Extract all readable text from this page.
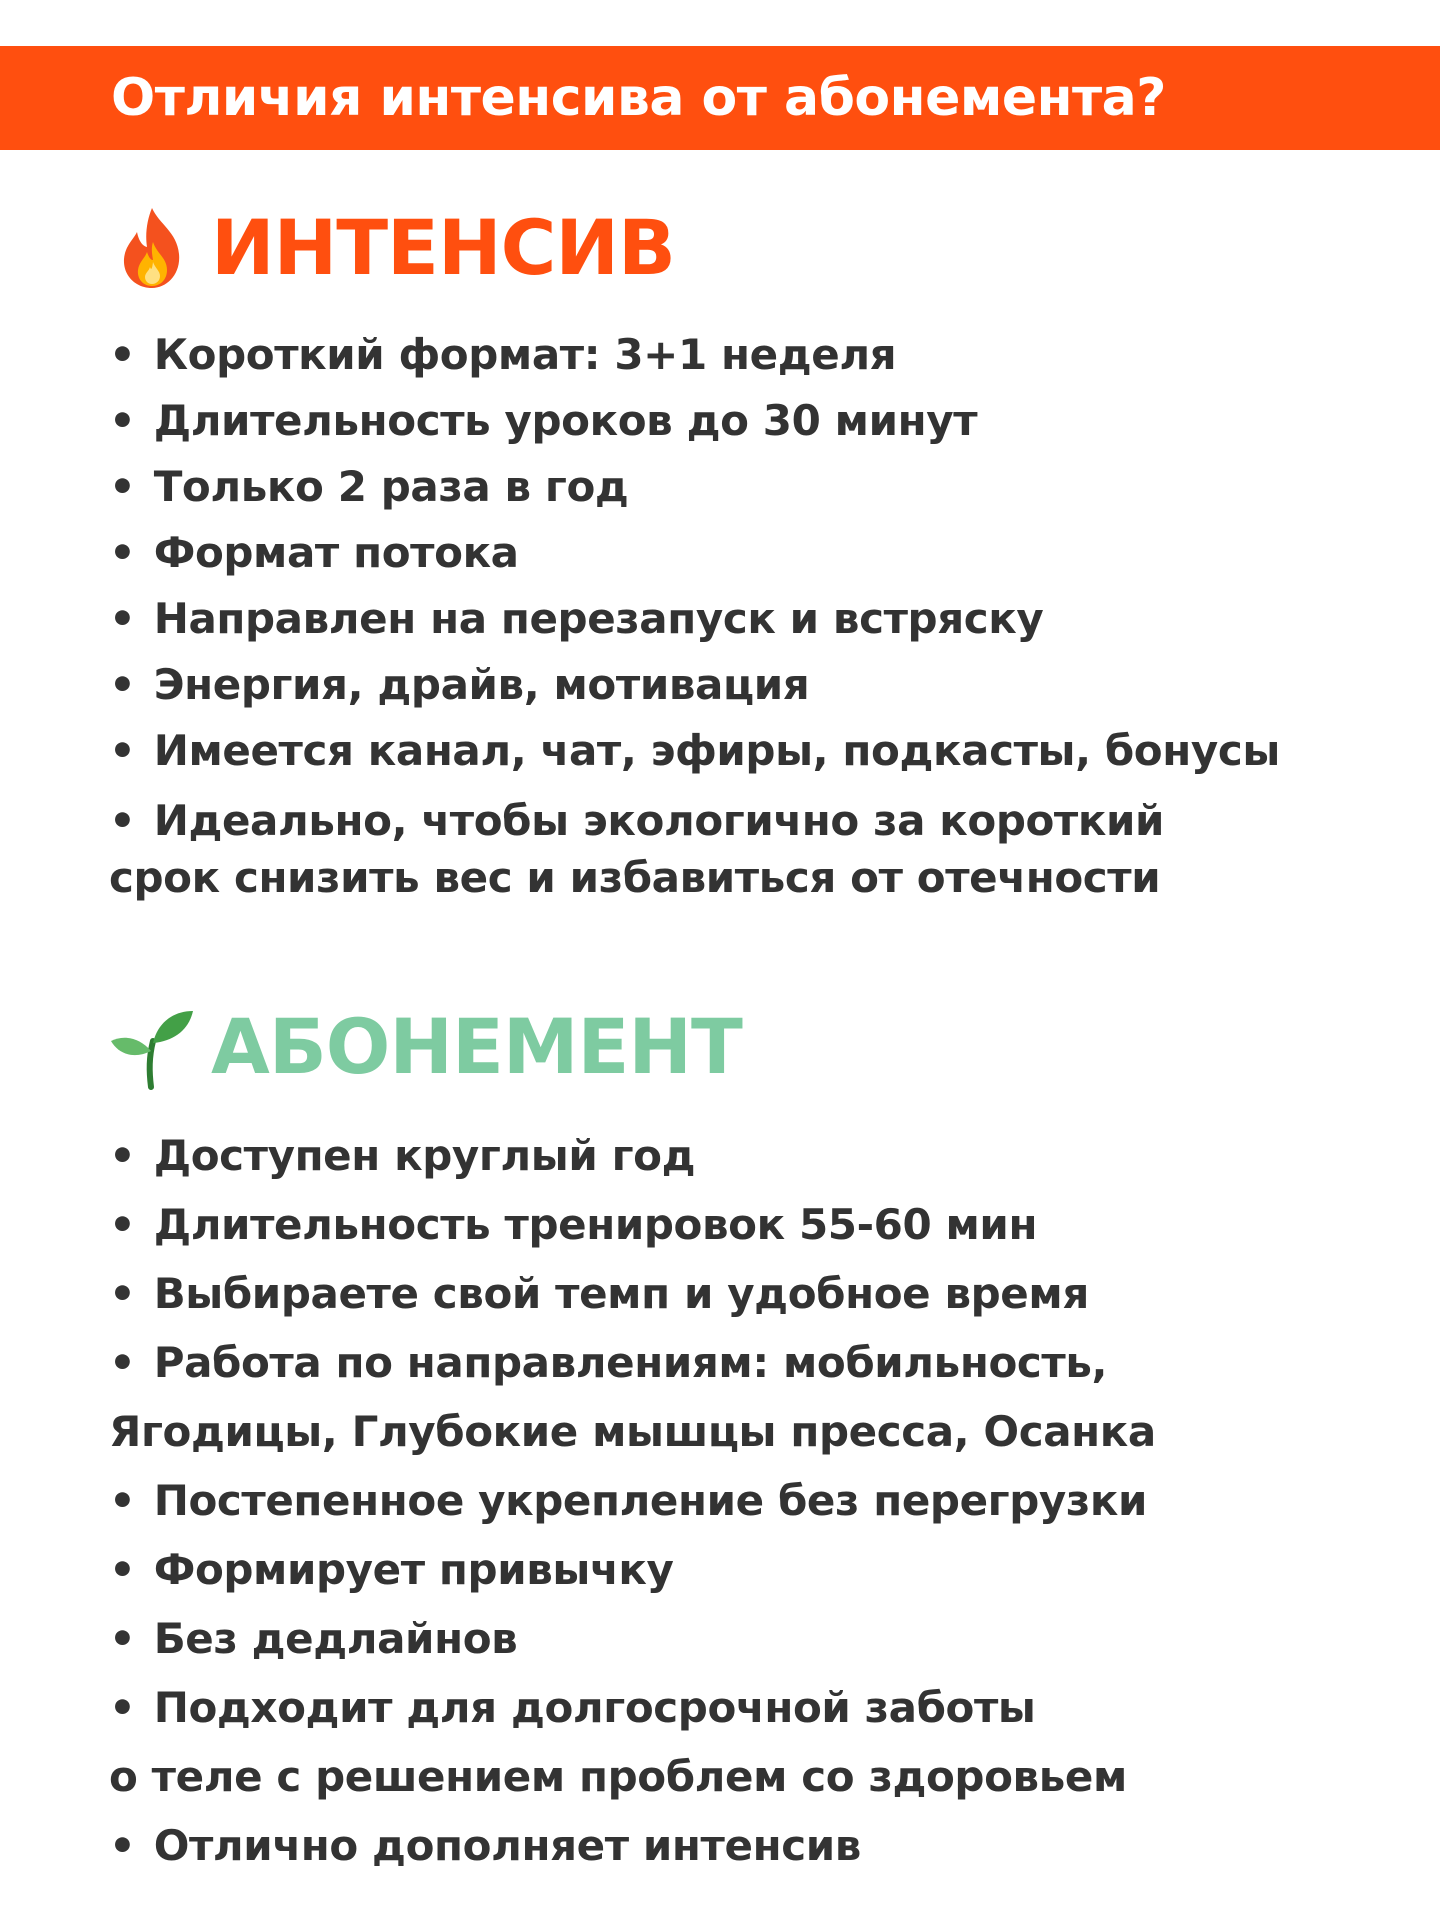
Отличия интенсива от абонемента?
ИНТЕНСИВ
• Короткий формат: 3+1 неделя
• Длительность уроков до 30 минут
• Только 2 раза в год
• Формат потока
• Направлен на перезапуск и встряску
• Энергия, драйв, мотивация
• Имеется канал, чат, эфиры, подкасты, бонусы
• Идеально, чтобы экологично за короткий
срок снизить вес и избавиться от отечности
АБОНЕМЕНТ
• Доступен круглый год
• Длительность тренировок 55-60 мин
• Выбираете свой темп и удобное время
• Работа по направлениям: мобильность,
Ягодицы, Глубокие мышцы пресса, Осанка
• Постепенное укрепление без перегрузки
• Формирует привычку
• Без дедлайнов
• Подходит для долгосрочной заботы
о теле с решением проблем со здоровьем
• Отлично дополняет интенсив
